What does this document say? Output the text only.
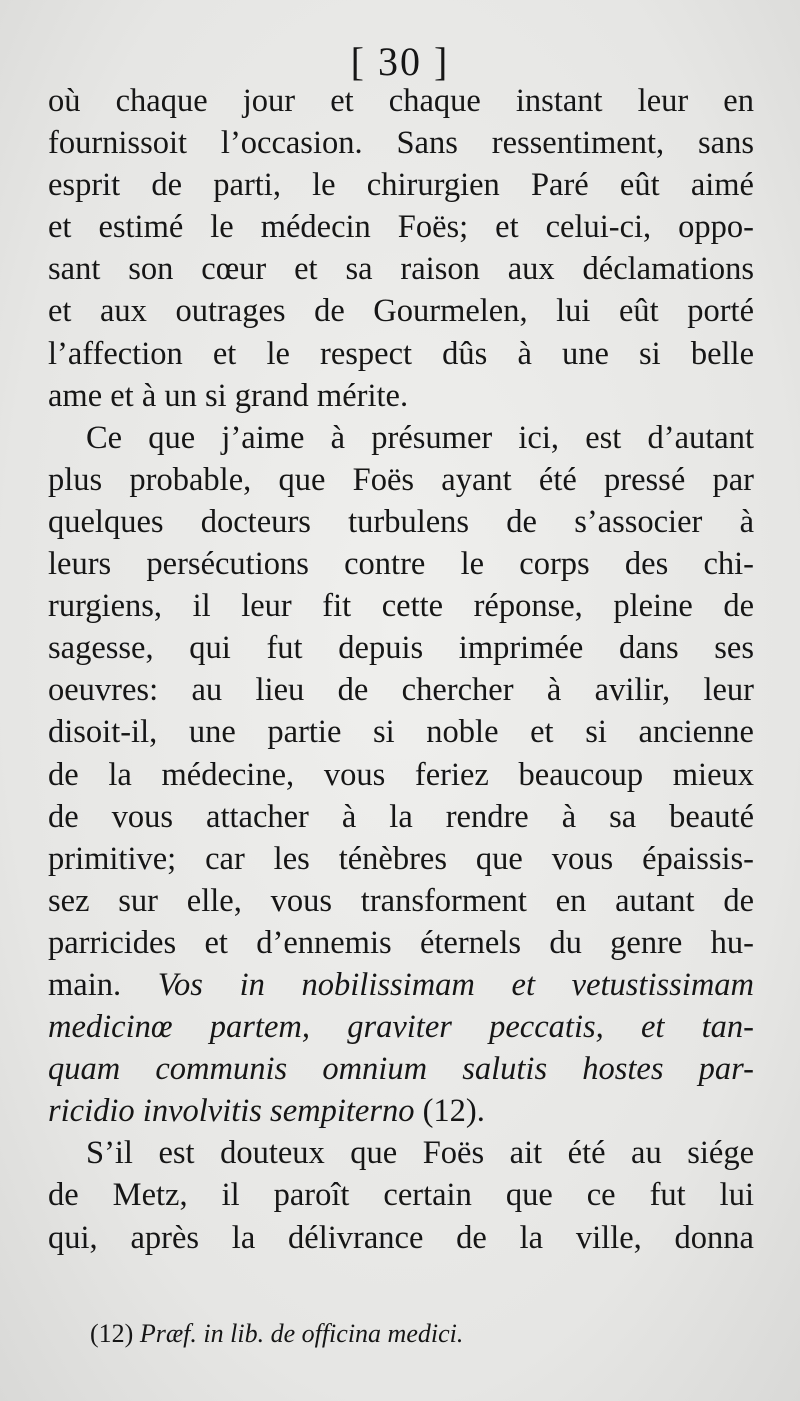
[ 30 ]
où chaque jour et chaque instant leur en
fournissoit l’occasion. Sans ressentiment, sans
esprit de parti, le chirurgien Paré eût aimé
et estimé le médecin Foës; et celui-ci, oppo-
sant son cœur et sa raison aux déclamations
et aux outrages de Gourmelen, lui eût porté
l’affection et le respect dûs à une si belle
ame et à un si grand mérite.
Ce que j’aime à présumer ici, est d’autant
plus probable, que Foës ayant été pressé par
quelques docteurs turbulens de s’associer à
leurs persécutions contre le corps des chi-
rurgiens, il leur fit cette réponse, pleine de
sagesse, qui fut depuis imprimée dans ses
oeuvres: au lieu de chercher à avilir, leur
disoit-il, une partie si noble et si ancienne
de la médecine, vous feriez beaucoup mieux
de vous attacher à la rendre à sa beauté
primitive; car les ténèbres que vous épaissis-
sez sur elle, vous transforment en autant de
parricides et d’ennemis éternels du genre hu-
main. Vos in nobilissimam et vetustissimam
medicinœ partem, graviter peccatis, et tan-
quam communis omnium salutis hostes par-
ricidio involvitis sempiterno (12).
S’il est douteux que Foës ait été au siége
de Metz, il paroît certain que ce fut lui
qui, après la délivrance de la ville, donna
(12) Præf. in lib. de officina medici.
